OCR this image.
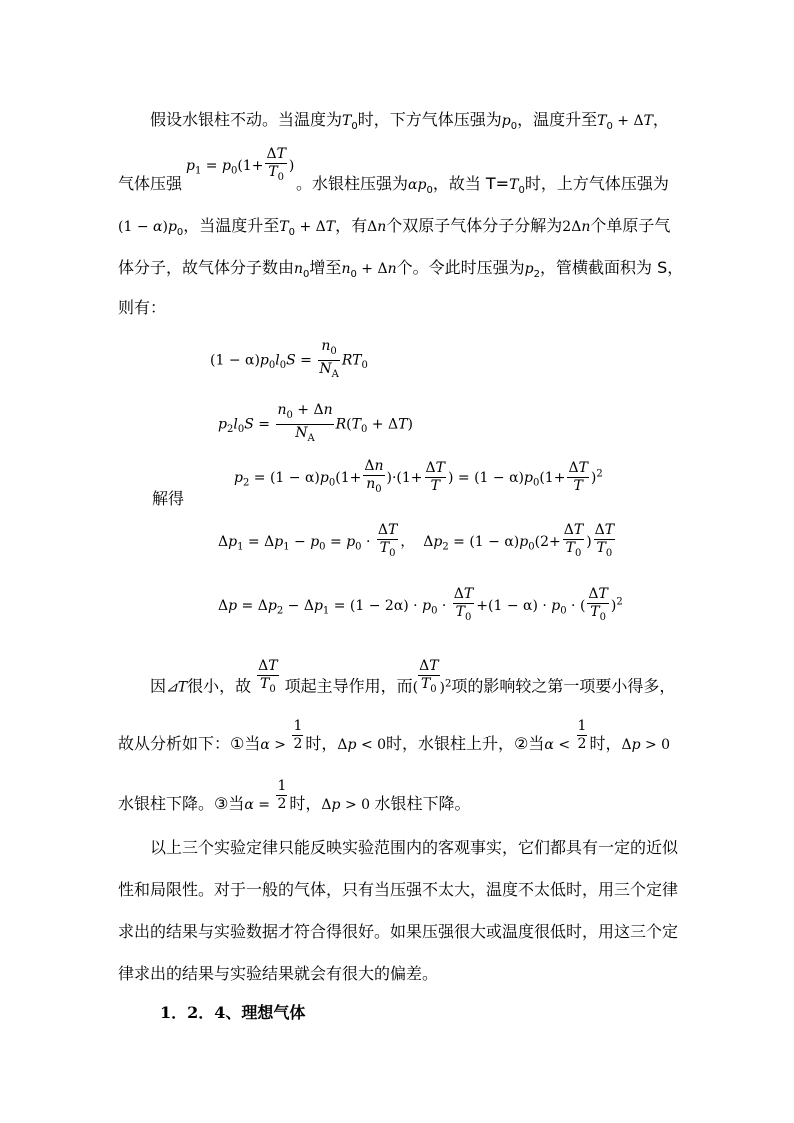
假设水银柱不动。当温度为$T_0$时，下方气体压强为$p_0$，温度升至$T_0 + \Delta T$，
气体压强
$p_1 = p_0(1+ \frac{\Delta T}{T_0}$ )
。水银柱压强为$\alpha p_0$，故当 $T=T_0$时，上方气体压强为
$(1 - \alpha)p_0$，当温度升至$T_0 + \Delta T$，有Δn个双原子气体分子分解为2Δn个单原子气
体分子，故气体分子数由$n_0$增至$n_0 + \Delta n$个。令此时压强为$p_2$，管横截面积为 S，
则有：
$(1 - \alpha)p_0l_0S = \frac{n_0}{N_A} RT_0$
$p_2l_0S = \frac{n_0 + \Delta n}{N_A} R(T_0 + \Delta T)$
解得
$p_2 = (1 - \alpha)p_0(1+ \frac{\Delta n}{n_0} )\cdot(1+ \frac{\Delta T}{T}$ ) = $(1 - \alpha)p_0(1+ \frac{\Delta T}{T} )^2$
$\Delta p_1 = \Delta p_1 - p_0 = p_0 \cdot \frac{\Delta T}{T_0}$ ，  $\Delta p_2 = (1 - \alpha)p_0(2+ \frac{\Delta T}{T_0}$ ) $\frac{\Delta T}{T_0}$
$\Delta p = \Delta p_2 - \Delta p_1 = (1 - 2\alpha) \cdot p_0 \cdot \frac{\Delta T}{T_0} +(1 - \alpha) \cdot p_0$ · ( $\frac{\Delta T}{T_0} )^2$
因⊿T很小，故 $\frac{\Delta T}{T_0}$ 项起主导作用，而( $\frac{\Delta T}{T_0} )^2$项的影响较之第一项要小得多，
故从分析如下：①当$\alpha > \frac{1}{2}$ 时，Δp < 0时，水银柱上升，②当$\alpha < \frac{1}{2}$ 时，Δp > 0
水银柱下降。③当$\alpha = \frac{1}{2}$ 时，Δp > 0 水银柱下降。
以上三个实验定律只能反映实验范围内的客观事实，它们都具有一定的近似
性和局限性。对于一般的气体，只有当压强不太大，温度不太低时，用三个定律
求出的结果与实验数据才符合得很好。如果压强很大或温度很低时，用这三个定
律求出的结果与实验结果就会有很大的偏差。
1．2．4、理想气体
